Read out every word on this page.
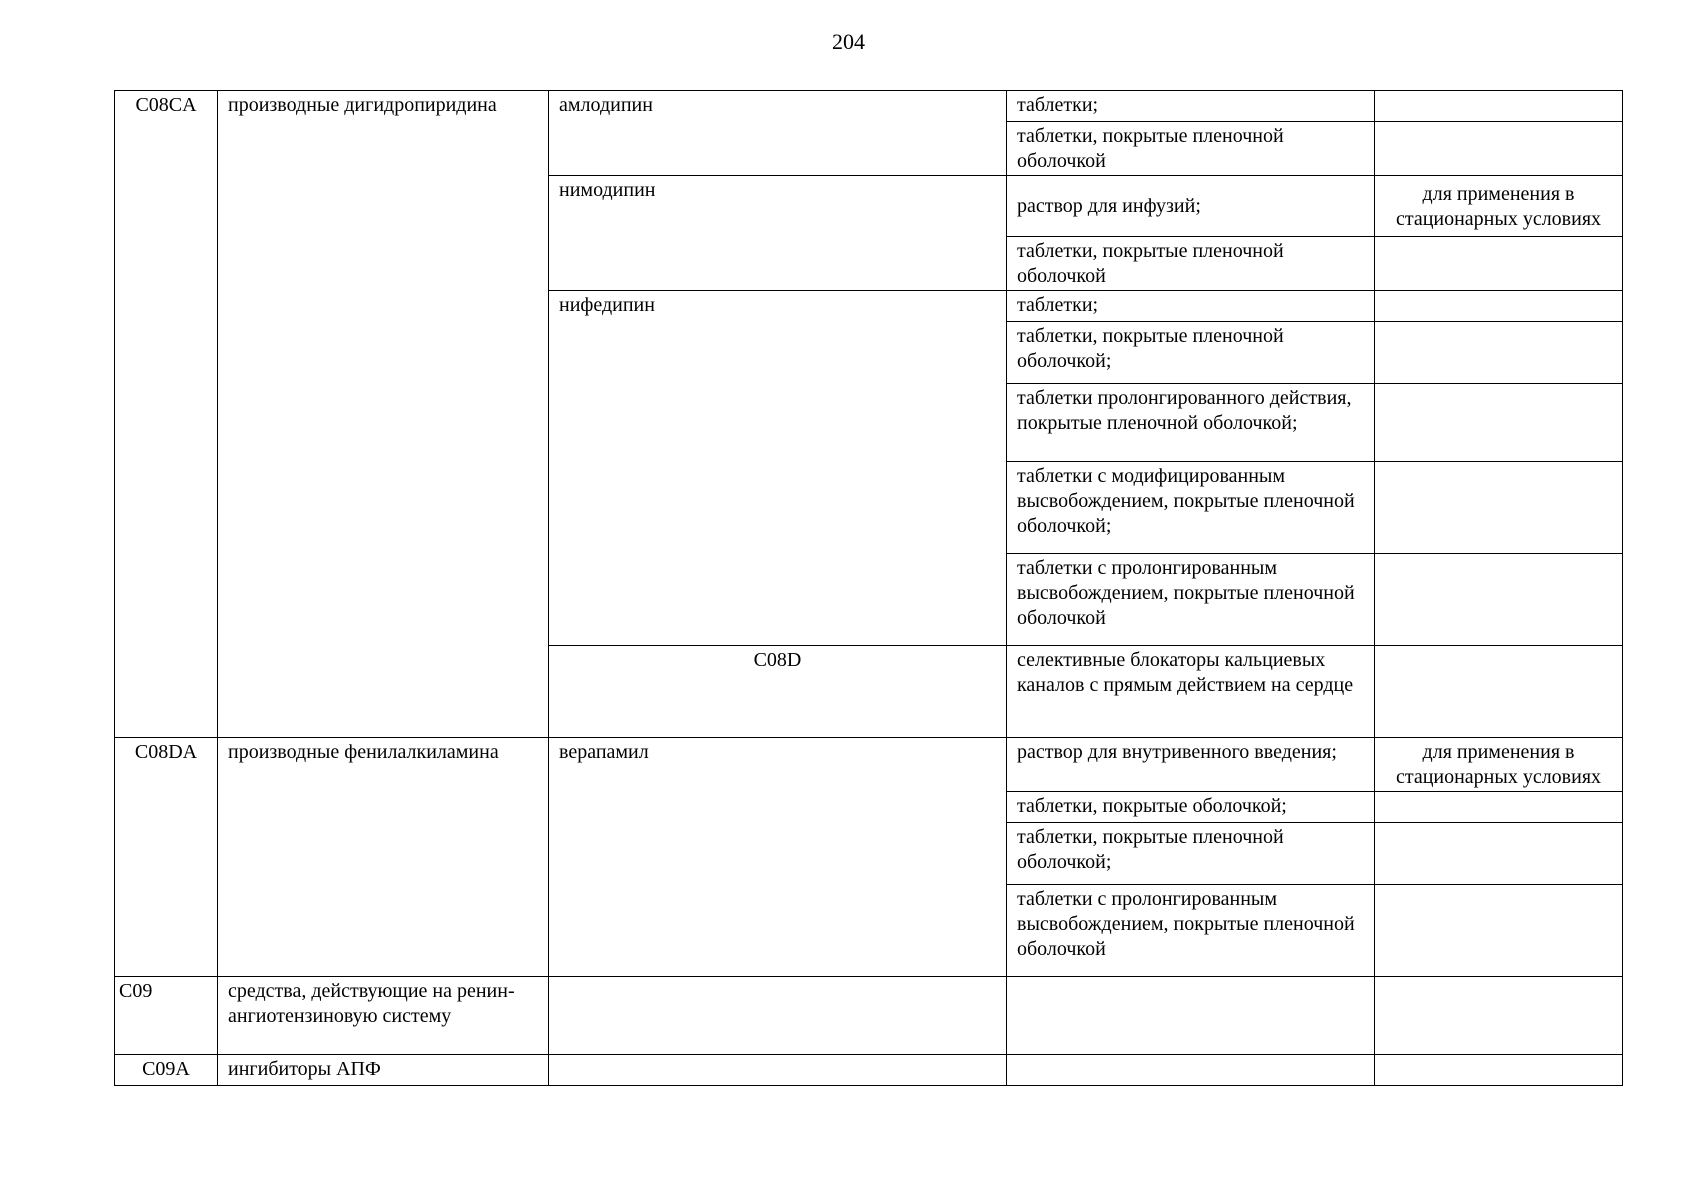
204
C08CA	производные дигидропиридина	амлодипин	таблетки;		
			таблетки, покрытые пленочной оболочкой		
		нимодипин	раствор для инфузий;	для применения в стационарных условиях	
			таблетки, покрытые пленочной оболочкой		
		нифедипин	таблетки;		
			таблетки, покрытые пленочной оболочкой;		
			таблетки пролонгированного действия, покрытые пленочной оболочкой;		
			таблетки с модифицированным высвобождением, покрытые пленочной оболочкой;		
			таблетки с пролонгированным высвобождением, покрытые пленочной оболочкой		
		C08D	селективные блокаторы кальциевых каналов с прямым действием на сердце			
C08DA	производные фенилалкиламина	верапамил	раствор для внутривенного введения;	для применения в стационарных условиях	
			таблетки, покрытые оболочкой;		
			таблетки, покрытые пленочной оболочкой;		
			таблетки с пролонгированным высвобождением, покрытые пленочной оболочкой		
C09	средства, действующие на ренин-ангиотензиновую систему				
C09A	ингибиторы АПФ				
